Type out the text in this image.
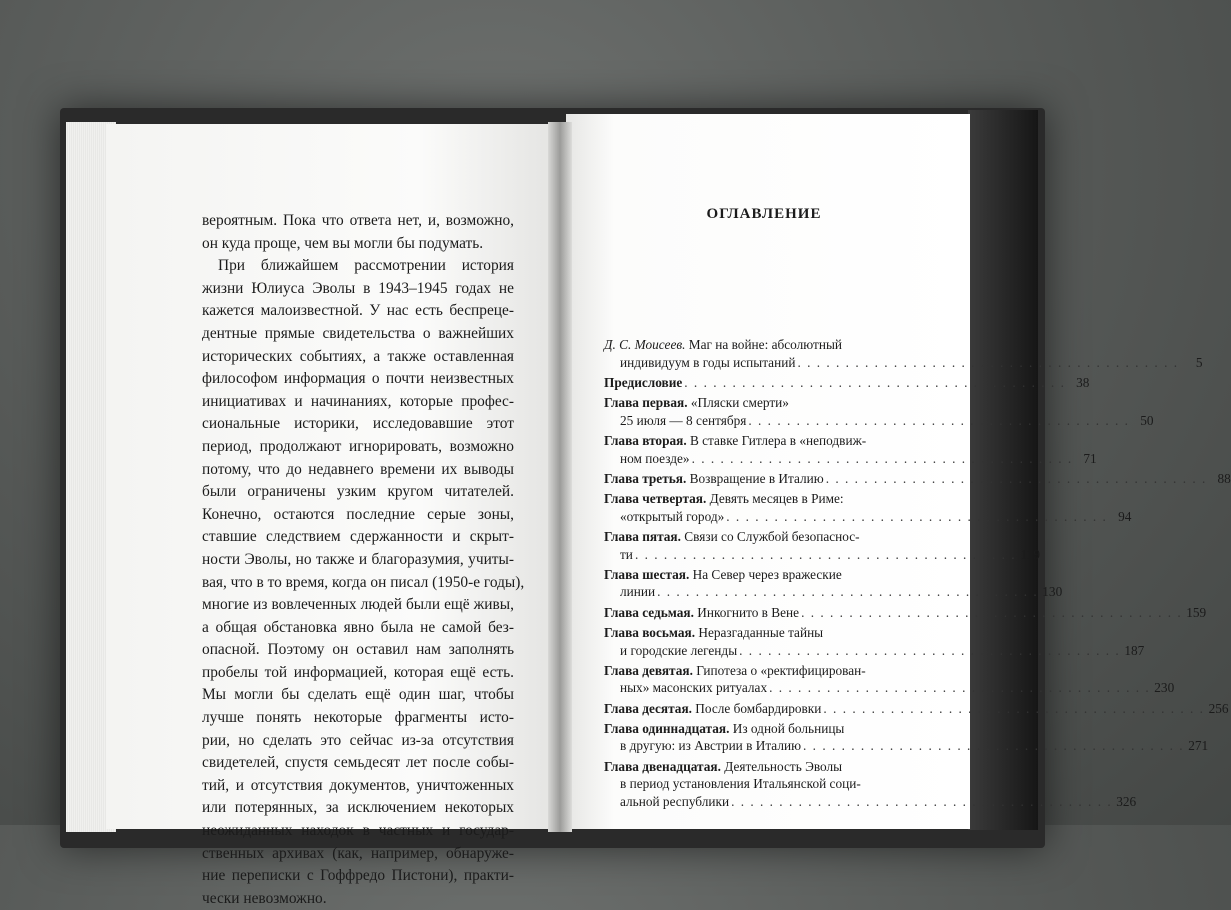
вероятным. Пока что ответа нет, и, возможно,
он куда проще, чем вы могли бы подумать.
При ближайшем рассмотрении история
жизни Юлиуса Эволы в 1943–1945 годах не
кажется малоизвестной. У нас есть беспреце-
дентные прямые свидетельства о важнейших
исторических событиях, а также оставленная
философом информация о почти неизвестных
инициативах и начинаниях, которые профес-
сиональные историки, исследовавшие этот
период, продолжают игнорировать, возможно
потому, что до недавнего времени их выводы
были ограничены узким кругом читателей.
Конечно, остаются последние серые зоны,
ставшие следствием сдержанности и скрыт-
ности Эволы, но также и благоразумия, учиты-
вая, что в то время, когда он писал (1950-е годы),
многие из вовлеченных людей были ещё живы,
а общая обстановка явно была не самой без-
опасной. Поэтому он оставил нам заполнять
пробелы той информацией, которая ещё есть.
Мы могли бы сделать ещё один шаг, чтобы
лучше понять некоторые фрагменты исто-
рии, но сделать это сейчас из-за отсутствия
свидетелей, спустя семьдесят лет после собы-
тий, и отсутствия документов, уничтоженных
или потерянных, за исключением некоторых
неожиданных находок в частных и государ-
ственных архивах (как, например, обнаруже-
ние переписки с Гоффредо Пистони), практи-
чески невозможно.
ОГЛАВЛЕНИЕ
Д. С. Моисеев. Маг на войне: абсолютный
индивидуум в годы испытаний . . . . . . . . . . . . . . . . . . . . . . . . . . . . . . . . . . . . . . . .	5
Предисловие . . . . . . . . . . . . . . . . . . . . . . . . . . . . . . . . . . . . . . . . 38
Глава первая. «Пляски смерти»
25 июля — 8 сентября . . . . . . . . . . . . . . . . . . . . . . . . . . . . . . . . . . . . . . . . 50
Глава вторая. В ставке Гитлера в «неподвиж-
ном поезде» . . . . . . . . . . . . . . . . . . . . . . . . . . . . . . . . . . . . . . . . 71
Глава третья. Возвращение в Италию . . . . . . . . . . . . . . . . . . . . . . . . . . . . . . . . . . . . . . . . 88
Глава четвертая. Девять месяцев в Риме:
«открытый город» . . . . . . . . . . . . . . . . . . . . . . . . . . . . . . . . . . . . . . . . 94
Глава пятая. Связи со Службой безопаснос-
ти . . . . . . . . . . . . . . . . . . . . . . . . . . . . . . . . . . . . . . . . 119
Глава шестая. На Север через вражеские
линии . . . . . . . . . . . . . . . . . . . . . . . . . . . . . . . . . . . . . . . . 130
Глава седьмая. Инкогнито в Вене . . . . . . . . . . . . . . . . . . . . . . . . . . . . . . . . . . . . . . . . 159
Глава восьмая. Неразгаданные тайны
и городские легенды . . . . . . . . . . . . . . . . . . . . . . . . . . . . . . . . . . . . . . . . 187
Глава девятая. Гипотеза о «ректифицирован-
ных» масонских ритуалах . . . . . . . . . . . . . . . . . . . . . . . . . . . . . . . . . . . . . . . . 230
Глава десятая. После бомбардировки . . . . . . . . . . . . . . . . . . . . . . . . . . . . . . . . . . . . . . . . 256
Глава одиннадцатая. Из одной больницы
в другую: из Австрии в Италию . . . . . . . . . . . . . . . . . . . . . . . . . . . . . . . . . . . . . . . . 271
Глава двенадцатая. Деятельность Эволы
в период установления Итальянской соци-
альной республики . . . . . . . . . . . . . . . . . . . . . . . . . . . . . . . . . . . . . . . . 326
